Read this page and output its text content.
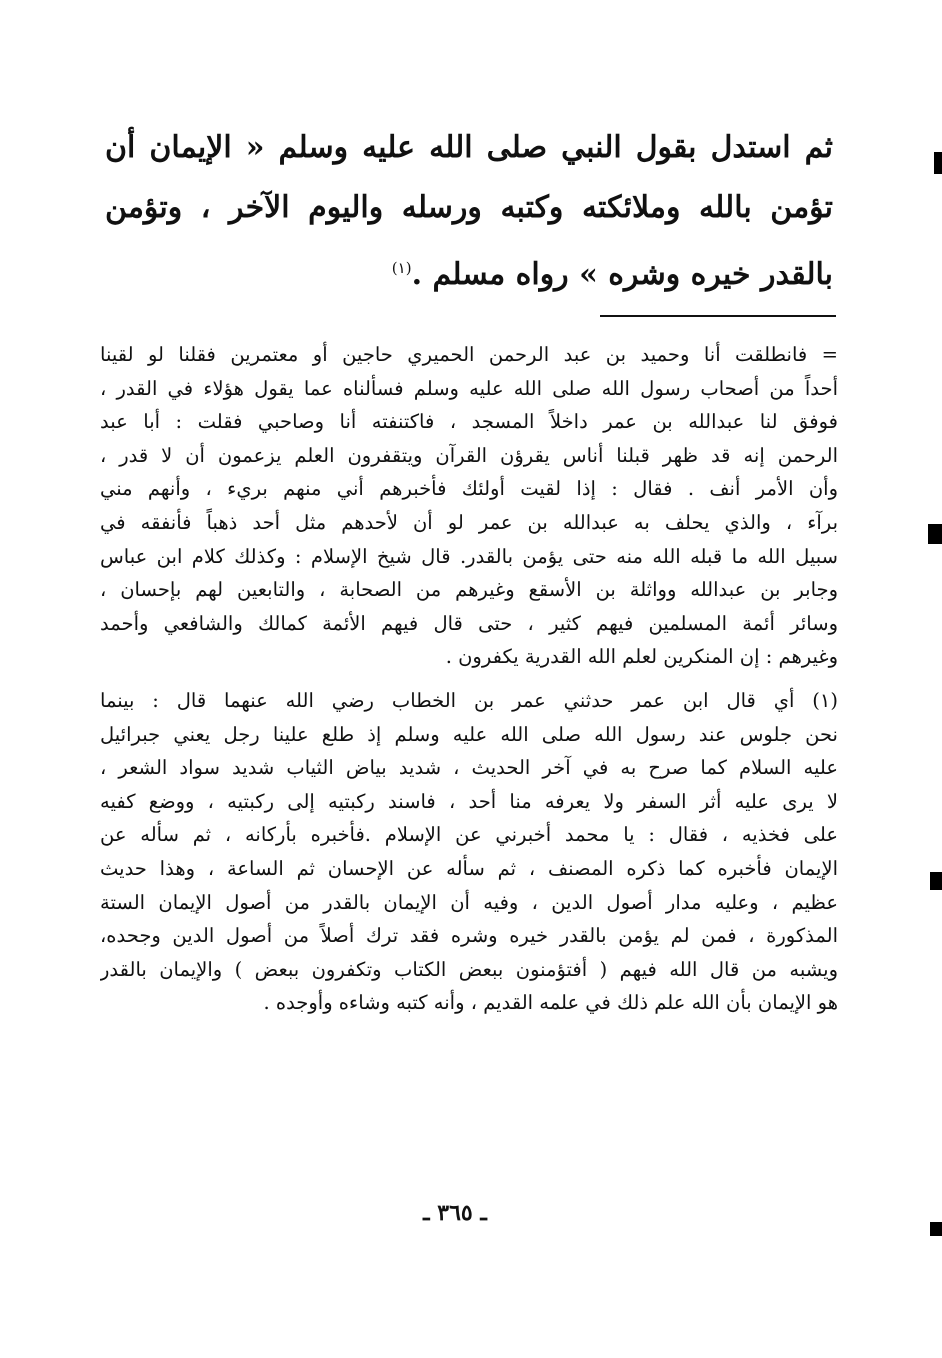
ثم استدل بقول النبي صلى الله عليه وسلم « الإيمان أن
تؤمن بالله وملائكته وكتبه ورسله واليوم الآخر ، وتؤمن
بالقدر خيره وشره » رواه مسلم .$^{(١)}$
= فانطلقت أنا وحميد بن عبد الرحمن الحميري حاجين أو معتمرين فقلنا لو لقينا
أحداً من أصحاب رسول الله صلى الله عليه وسلم فسألناه عما يقول هؤلاء في القدر ،
فوفق لنا عبدالله بن عمر داخلاً المسجد ، فاكتنفته أنا وصاحبي فقلت : أبا عبد
الرحمن إنه قد ظهر قبلنا أناس يقرؤن القرآن ويتقفرون العلم يزعمون أن لا قدر ،
وأن الأمر أنف . فقال : إذا لقيت أولئك فأخبرهم أني منهم بريء ، وأنهم مني
برآء ، والذي يحلف به عبدالله بن عمر لو أن لأحدهم مثل أحد ذهباً فأنفقه في
سبيل الله ما قبله الله منه حتى يؤمن بالقدر. قال شيخ الإسلام : وكذلك كلام ابن عباس
وجابر بن عبدالله وواثلة بن الأسقع وغيرهم من الصحابة ، والتابعين لهم بإحسان ،
وسائر أئمة المسلمين فيهم كثير ، حتى قال فيهم الأئمة كمالك والشافعي وأحمد
وغيرهم : إن المنكرين لعلم الله القدرية يكفرون .
(١) أي قال ابن عمر حدثني عمر بن الخطاب رضي الله عنهما قال : بينما
نحن جلوس عند رسول الله صلى الله عليه وسلم إذ طلع علينا رجل يعني جبرائيل
عليه السلام كما صرح به في آخر الحديث ، شديد بياض الثياب شديد سواد الشعر ،
لا يرى عليه أثر السفر ولا يعرفه منا أحد ، فاسند ركبتيه إلى ركبتيه ، ووضع كفيه
على فخذيه ، فقال : يا محمد أخبرني عن الإسلام .فأخبره بأركانه ، ثم سأله عن
الإيمان فأخبره كما ذكره المصنف ، ثم سأله عن الإحسان ثم الساعة ، وهذا حديث
عظيم ، وعليه مدار أصول الدين ، وفيه أن الإيمان بالقدر من أصول الإيمان الستة
المذكورة ، فمن لم يؤمن بالقدر خيره وشره فقد ترك أصلاً من أصول الدين وجحده،
ويشبه من قال الله فيهم ( أفتؤمنون ببعض الكتاب وتكفرون ببعض ) والإيمان بالقدر
هو الإيمان بأن الله علم ذلك في علمه القديم ، وأنه كتبه وشاءه وأوجده .
ـ ٣٦٥ ـ
